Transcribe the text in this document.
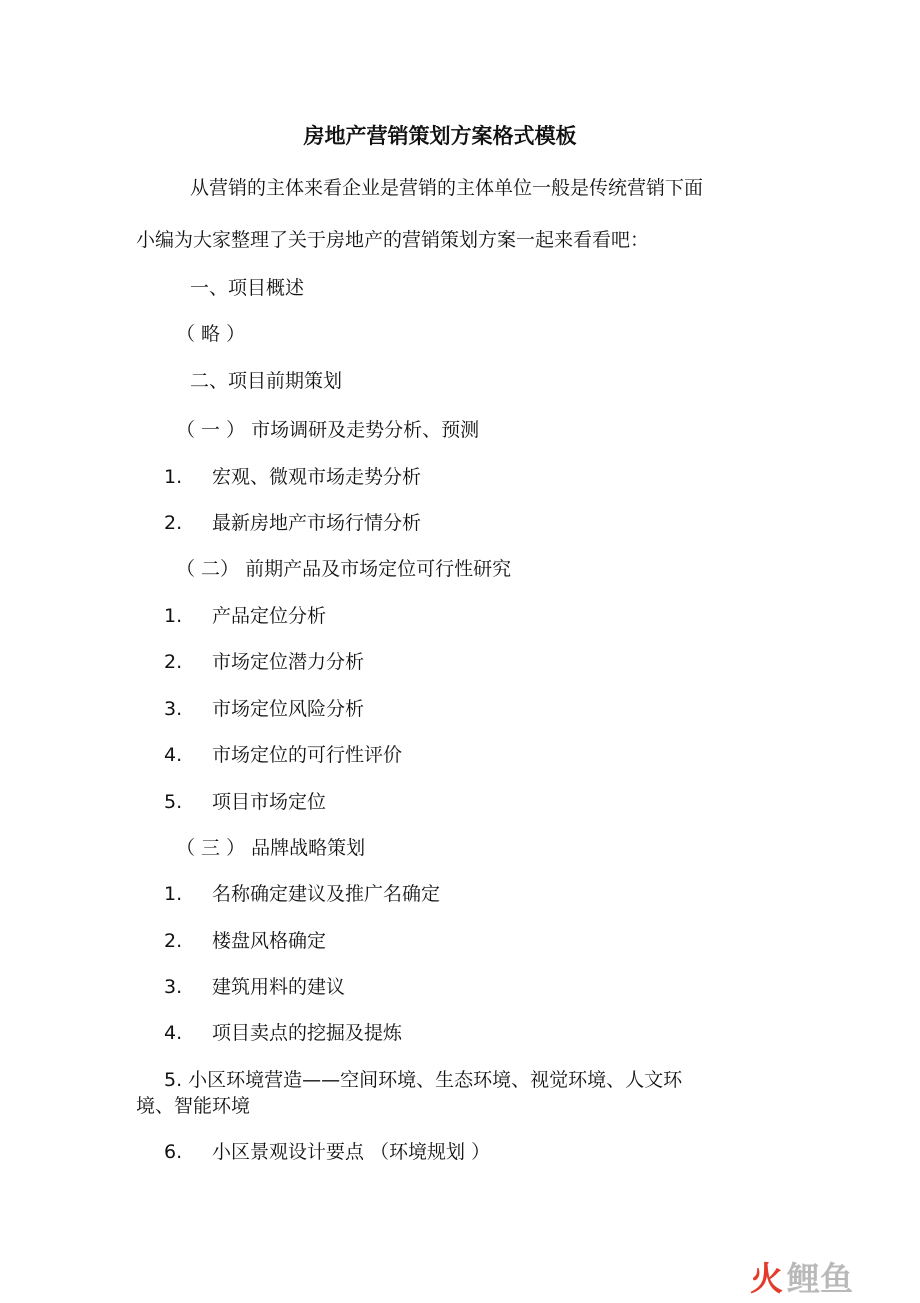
房地产营销策划方案格式模板

从营销的主体来看企业是营销的主体单位一般是传统营销下面

小编为大家整理了关于房地产的营销策划方案一起来看看吧：

一、项目概述

（ 略 ）

二、项目前期策划

（ 一 ） 市场调研及走势分析、预测

1. 宏观、微观市场走势分析
2. 最新房地产市场行情分析

（ 二） 前期产品及市场定位可行性研究

1. 产品定位分析
2. 市场定位潜力分析
3. 市场定位风险分析
4. 市场定位的可行性评价
5. 项目市场定位

（ 三 ） 品牌战略策划

1. 名称确定建议及推广名确定
2. 楼盘风格确定
3. 建筑用料的建议
4. 项目卖点的挖掘及提炼

5. 小区环境营造——空间环境、生态环境、视觉环境、人文环

境、智能环境

6. 小区景观设计要点 （环境规划 ）
火 鲤鱼
